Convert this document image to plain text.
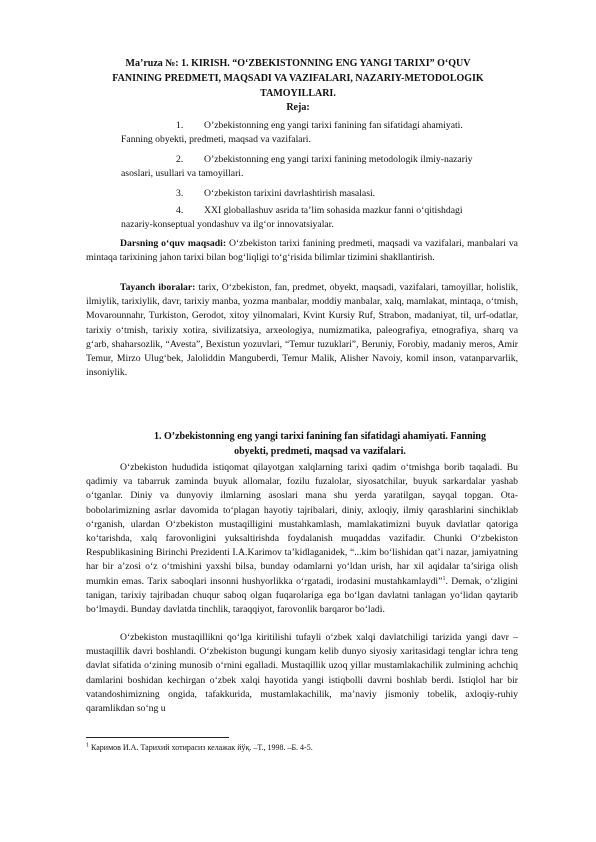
Ma’ruza №: 1. KIRISH. “O‘ZBEKISTONNING ENG YANGI TARIXI” O‘QUV
FANINING PREDMETI, MAQSADI VA VAZIFALARI, NAZARIY-METODOLOGIK
TAMOYILLARI.
Reja:
1.	O’zbekistonning eng yangi tarixi fanining fan sifatidagi ahamiyati.
Fanning obyekti, predmeti, maqsad va vazifalari.
2.	O’zbekistonning eng yangi tarixi fanining metodologik ilmiy-nazariy
asoslari, usullari va tamoyillari.
3.	O‘zbekiston tarixini davrlashtirish masalasi.
4.	XXI globallashuv asrida ta’lim sohasida mazkur fanni o‘qitishdagi
nazariy-konseptual yondashuv va ilg‘or innovatsiyalar.

Darsning o‘quv maqsadi: O‘zbekiston tarixi fanining predmeti, maqsadi va vazifalari, manbalari va mintaqa tarixining jahon tarixi bilan bog‘liqligi to‘g‘risida bilimlar tizimini shakllantirish.

Tayanch iboralar: tarix, O‘zbekiston, fan, predmet, obyekt, maqsadi, vazifalari, tamoyillar, holislik, ilmiylik, tarixiylik, davr, tarixiy manba, yozma manbalar, moddiy manbalar, xalq, mamlakat, mintaqa, o‘tmish, Movarounnahr, Turkiston, Gerodot, xitoy yilnomalari, Kvint Kursiy Ruf, Strabon, madaniyat, til, urf-odatlar, tarixiy o‘tmish, tarixiy xotira, sivilizatsiya, arxeologiya, numizmatika, paleografiya, etnografiya, sharq va g‘arb, shaharsozlik, “Avesta”, Bexistun yozuvlari, “Temur tuzuklari”, Beruniy, Forobiy, madaniy meros, Amir Temur, Mirzo Ulug‘bek, Jaloliddin Manguberdi, Temur Malik, Alisher Navoiy, komil inson, vatanparvarlik, insoniylik.

1. O’zbekistonning eng yangi tarixi fanining fan sifatidagi ahamiyati. Fanning
obyekti, predmeti, maqsad va vazifalari.

O‘zbekiston hududida istiqomat qilayotgan xalqlarning tarixi qadim o‘tmishga borib taqaladi. Bu qadimiy va tabarruk zaminda buyuk allomalar, fozilu fuzalolar, siyosatchilar, buyuk sarkardalar yashab o‘tganlar. Diniy va dunyoviy ilmlarning asoslari mana shu yerda yaratilgan, sayqal topgan. Ota-bobolarimizning asrlar davomida to‘plagan hayotiy tajribalari, diniy, axloqiy, ilmiy qarashlarini sinchiklab o‘rganish, ulardan O‘zbekiston mustaqilligini mustahkamlash, mamlakatimizni buyuk davlatlar qatoriga ko‘tarishda, xalq farovonligini yuksaltirishda foydalanish muqaddas vazifadir. Chunki O‘zbekiston Respublikasining Birinchi Prezidenti I.A.Karimov ta’kidlaganidek, “...kim bo‘lishidan qat’i nazar, jamiyatning har bir a’zosi o‘z o‘tmishini yaxshi bilsa, bunday odamlarni yo‘ldan urish, har xil aqidalar ta’siriga olish mumkin emas. Tarix saboqlari insonni hushyorlikka o‘rgatadi, irodasini mustahkamlaydi”$^1$. Demak, o‘zligini tanigan, tarixiy tajribadan chuqur saboq olgan fuqarolariga ega bo‘lgan davlatni tanlagan yo‘lidan qaytarib bo‘lmaydi. Bunday davlatda tinchlik, taraqqiyot, farovonlik barqaror bo‘ladi.

O‘zbekiston mustaqillikni qo‘lga kiritilishi tufayli o‘zbek xalqi davlatchiligi tarizida yangi davr – mustaqillik davri boshlandi. O‘zbekiston bugungi kungam kelib dunyo siyosiy xaritasidagi tenglar ichra teng davlat sifatida o‘zining munosib o‘rnini egalladi. Mustaqillik uzoq yillar mustamlakachilik zulmining achchiq damlarini boshidan kechirgan o‘zbek xalqi hayotida yangi istiqbolli davrni boshlab berdi. Istiqlol har bir vatandoshimizning ongida, tafakkurida, mustamlakachilik, ma’naviy jismoniy tobelik, axloqiy-ruhiy qaramlikdan so‘ng u

$^1$ Каримов И.А. Тарихий хотирасиз келажак йўқ. –Т., 1998. –Б. 4-5.
